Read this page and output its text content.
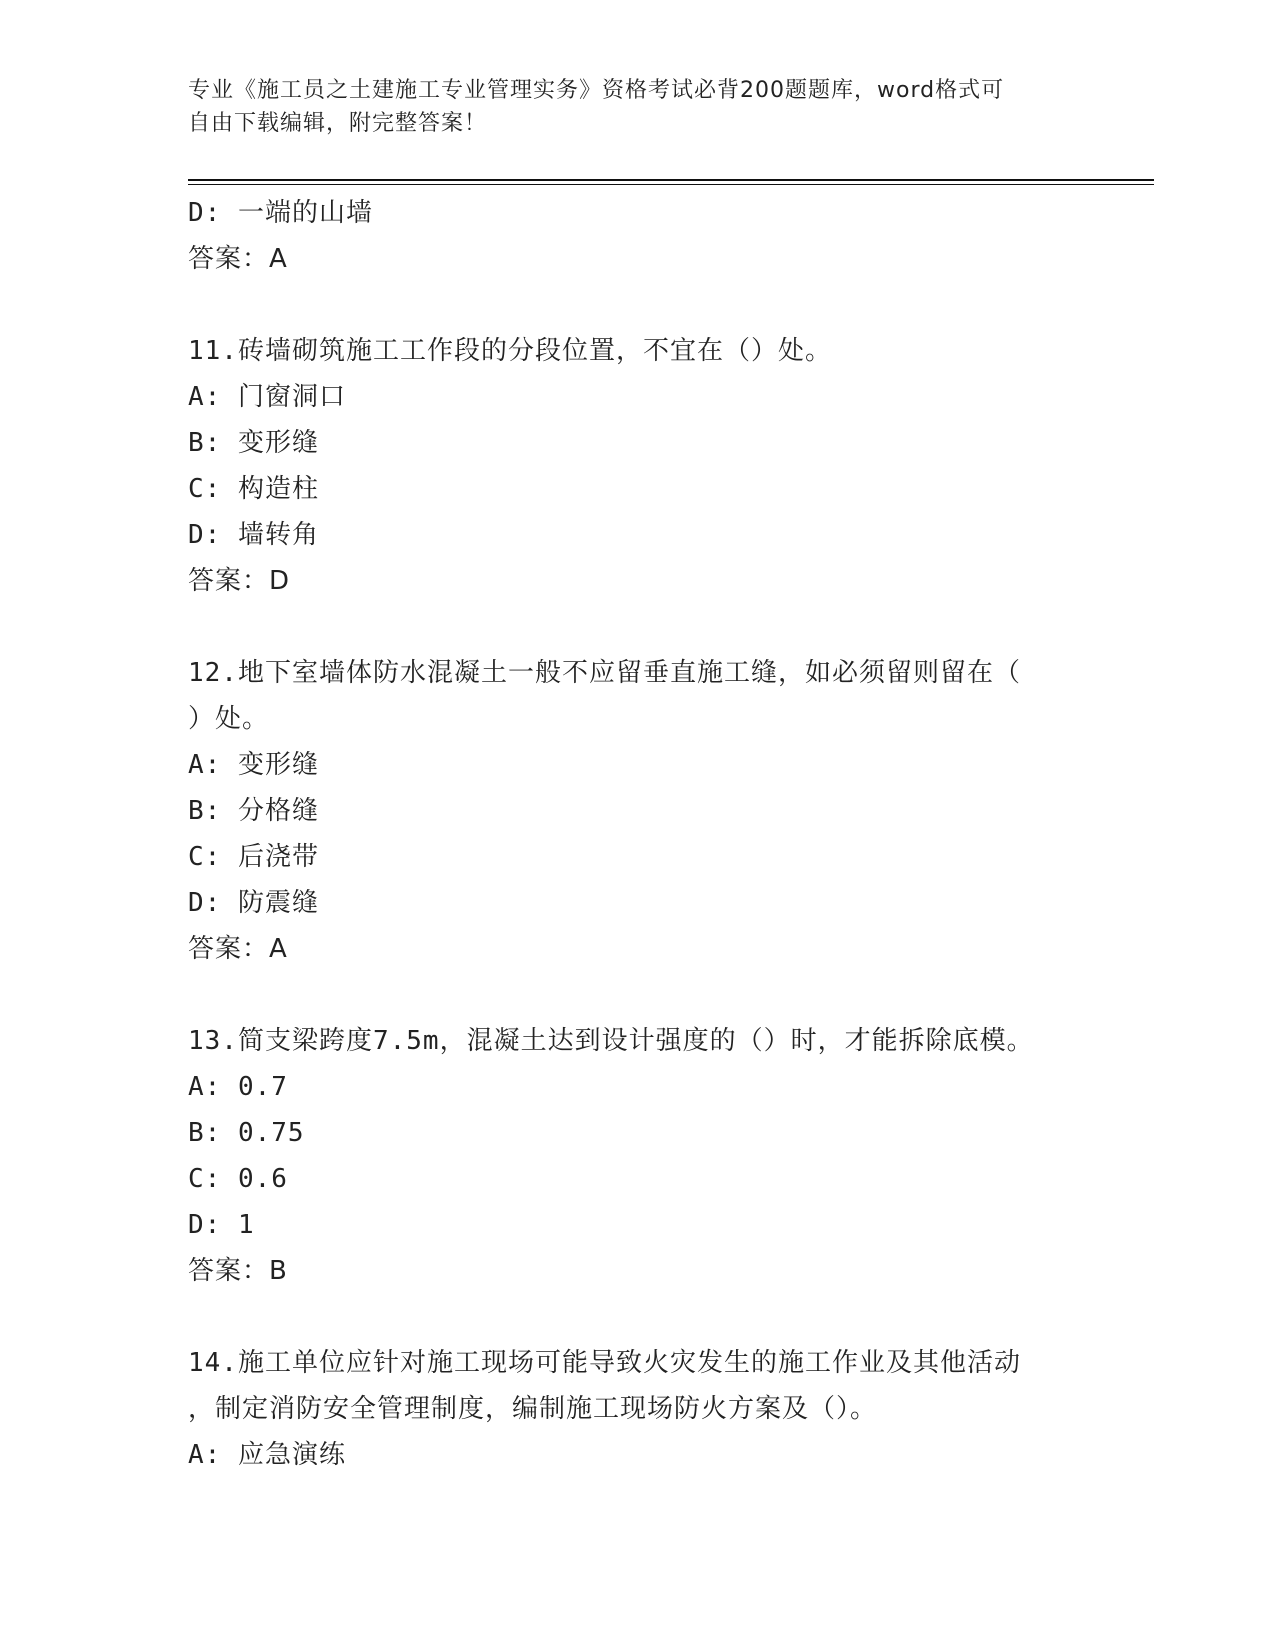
专业《施工员之土建施工专业管理实务》资格考试必背200题题库，word格式可
自由下载编辑，附完整答案！
D: 一端的山墙
答案：A
11.砖墙砌筑施工工作段的分段位置，不宜在（）处。
A: 门窗洞口
B: 变形缝
C: 构造柱
D: 墙转角
答案：D
12.地下室墙体防水混凝土一般不应留垂直施工缝，如必须留则留在（
）处。
A: 变形缝
B: 分格缝
C: 后浇带
D: 防震缝
答案：A
13.简支梁跨度7.5m，混凝土达到设计强度的（）时，才能拆除底模。
A: 0.7
B: 0.75
C: 0.6
D: 1
答案：B
14.施工单位应针对施工现场可能导致火灾发生的施工作业及其他活动
，制定消防安全管理制度，编制施工现场防火方案及（）。
A: 应急演练
